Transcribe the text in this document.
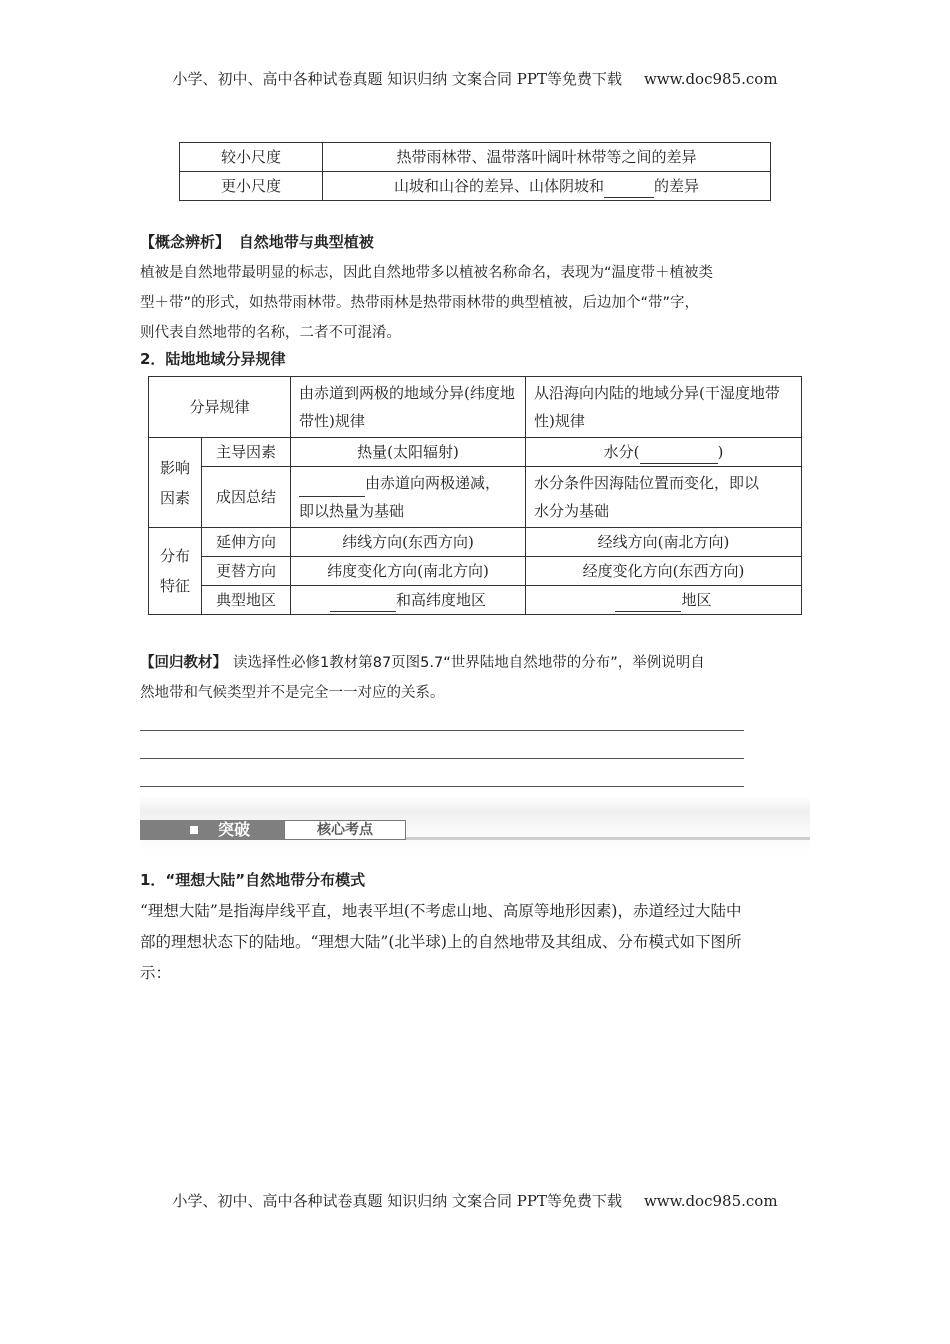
小学、初中、高中各种试卷真题 知识归纳 文案合同 PPT等免费下载 www.doc985.com
较小尺度	热带雨林带、温带落叶阔叶林带等之间的差异
更小尺度	山坡和山谷的差异、山体阴坡和 的差异
【概念辨析】 自然地带与典型植被
植被是自然地带最明显的标志，因此自然地带多以植被名称命名，表现为“温度带＋植被类
型＋带”的形式，如热带雨林带。热带雨林是热带雨林带的典型植被，后边加个“带”字，
则代表自然地带的名称，二者不可混淆。
2．陆地地域分异规律
分异规律		由赤道到两极的地域分异(纬度地带性)规律	从沿海向内陆的地域分异(干湿度地带性)规律
影响因素	主导因素	热量(太阳辐射)	水分( )
	成因总结	由赤道向两极递减，
即以热量为基础	水分条件因海陆位置而变化，即以
水分为基础
分布特征	延伸方向	纬线方向(东西方向)	经线方向(南北方向)
	更替方向	纬度变化方向(南北方向)	经度变化方向(东西方向)
	典型地区	和高纬度地区	地区
【回归教材】 读选择性必修1教材第87页图5.7“世界陆地自然地带的分布”，举例说明自
然地带和气候类型并不是完全一一对应的关系。
突破	核心考点
1．“理想大陆”自然地带分布模式
“理想大陆”是指海岸线平直，地表平坦(不考虑山地、高原等地形因素)，赤道经过大陆中
部的理想状态下的陆地。“理想大陆”(北半球)上的自然地带及其组成、分布模式如下图所
示：
小学、初中、高中各种试卷真题 知识归纳 文案合同 PPT等免费下载 www.doc985.com
